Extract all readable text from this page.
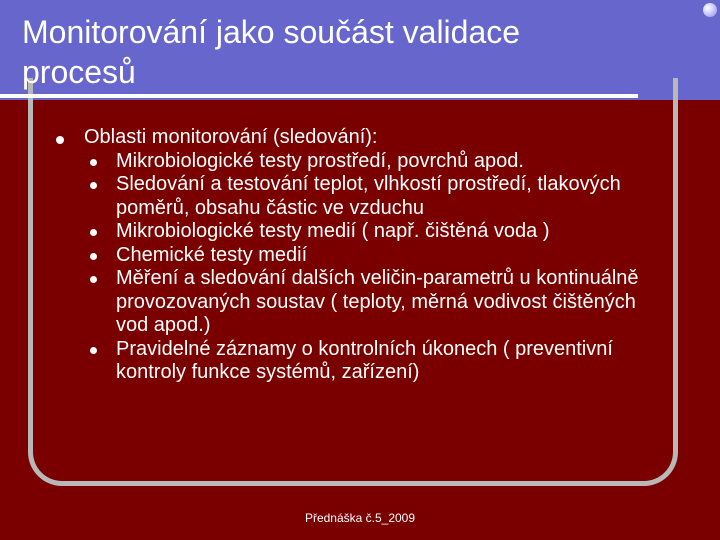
Monitorování jako součást validace procesů
Oblasti monitorování (sledování):
Mikrobiologické testy prostředí, povrchů apod.
Sledování a testování teplot, vlhkostí prostředí, tlakových poměrů, obsahu částic ve vzduchu
Mikrobiologické testy medií ( např. čištěná voda )
Chemické testy medií
Měření a sledování dalších veličin-parametrů u kontinuálně provozovaných soustav ( teploty, měrná vodivost čištěných vod apod.)
Pravidelné záznamy o kontrolních úkonech ( preventivní kontroly funkce systémů, zařízení)
Přednáška č.5_2009
